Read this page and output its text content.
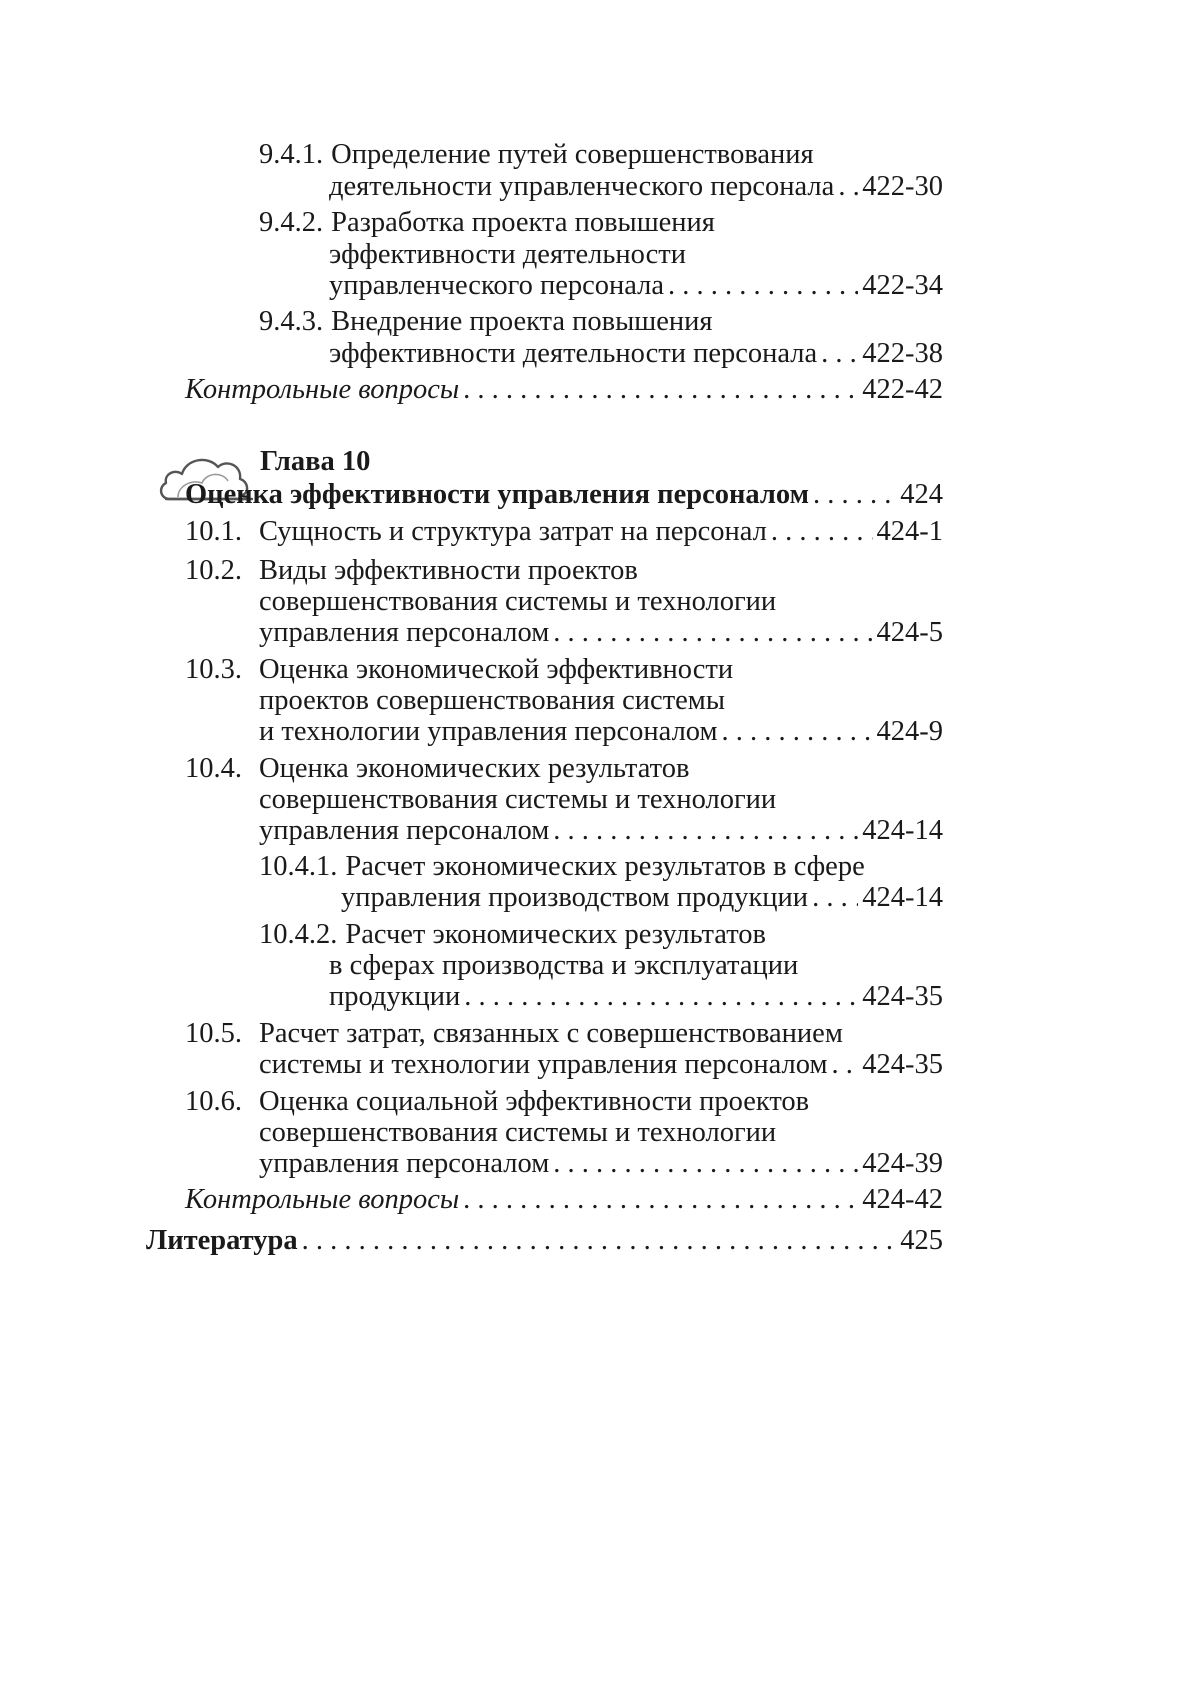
9.4.1. Определение путей совершенствования
деятельности управленческого персонала . . . 422-30
9.4.2. Разработка проекта повышения
эффективности деятельности
управленческого персонала . . .	422-34
9.4.3. Внедрение проекта повышения
эффективности деятельности персонала . . . 422-38
Контрольные вопросы . . .	422-42
Глава 10
Оценка эффективности управления персоналом . . .	424
10.1. Сущность и структура затрат на персонал . . .	424-1
10.2. Виды эффективности проектов
совершенствования системы и технологии
управления персоналом . . .	424-5
10.3. Оценка экономической эффективности
проектов совершенствования системы
и технологии управления персоналом . . .	424-9
10.4. Оценка экономических результатов
совершенствования системы и технологии
управления персоналом . . .	424-14
10.4.1. Расчет экономических результатов в сфере
управления производством продукции . . . 424-14
10.4.2. Расчет экономических результатов
в сферах производства и эксплуатации
продукции . . .	424-35
10.5. Расчет затрат, связанных с совершенствованием
системы и технологии управления персоналом . . . 424-35
10.6. Оценка социальной эффективности проектов
совершенствования системы и технологии
управления персоналом . . .	424-39
Контрольные вопросы . . .	424-42
Литература . . .	425
